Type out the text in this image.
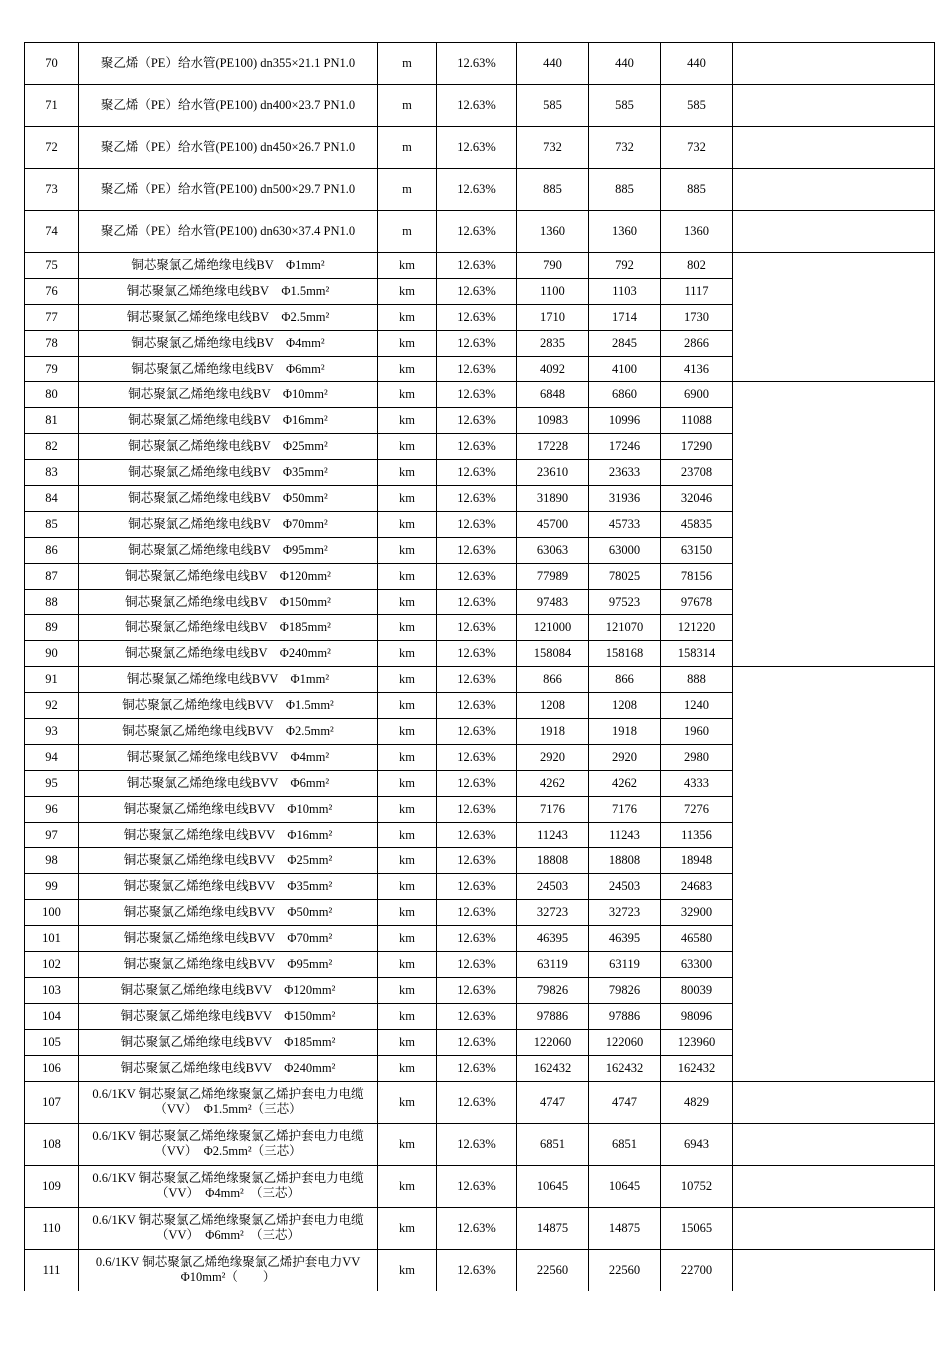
70	聚乙烯（PE）给水管(PE100) dn355×21.1 PN1.0	m	12.63%	440	440	440	
71	聚乙烯（PE）给水管(PE100) dn400×23.7 PN1.0	m	12.63%	585	585	585	
72	聚乙烯（PE）给水管(PE100) dn450×26.7 PN1.0	m	12.63%	732	732	732	
73	聚乙烯（PE）给水管(PE100) dn500×29.7 PN1.0	m	12.63%	885	885	885	
74	聚乙烯（PE）给水管(PE100) dn630×37.4 PN1.0	m	12.63%	1360	1360	1360	
75	铜芯聚氯乙烯绝缘电线BV　Φ1mm²	km	12.63%	790	792	802	
76	铜芯聚氯乙烯绝缘电线BV　Φ1.5mm²	km	12.63%	1100	1103	1117	
77	铜芯聚氯乙烯绝缘电线BV　Φ2.5mm²	km	12.63%	1710	1714	1730	
78	铜芯聚氯乙烯绝缘电线BV　Φ4mm²	km	12.63%	2835	2845	2866	
79	铜芯聚氯乙烯绝缘电线BV　Φ6mm²	km	12.63%	4092	4100	4136	
80	铜芯聚氯乙烯绝缘电线BV　Φ10mm²	km	12.63%	6848	6860	6900	
81	铜芯聚氯乙烯绝缘电线BV　Φ16mm²	km	12.63%	10983	10996	11088	
82	铜芯聚氯乙烯绝缘电线BV　Φ25mm²	km	12.63%	17228	17246	17290	
83	铜芯聚氯乙烯绝缘电线BV　Φ35mm²	km	12.63%	23610	23633	23708	
84	铜芯聚氯乙烯绝缘电线BV　Φ50mm²	km	12.63%	31890	31936	32046	
85	铜芯聚氯乙烯绝缘电线BV　Φ70mm²	km	12.63%	45700	45733	45835	
86	铜芯聚氯乙烯绝缘电线BV　Φ95mm²	km	12.63%	63063	63000	63150	
87	铜芯聚氯乙烯绝缘电线BV　Φ120mm²	km	12.63%	77989	78025	78156	
88	铜芯聚氯乙烯绝缘电线BV　Φ150mm²	km	12.63%	97483	97523	97678	
89	铜芯聚氯乙烯绝缘电线BV　Φ185mm²	km	12.63%	121000	121070	121220	
90	铜芯聚氯乙烯绝缘电线BV　Φ240mm²	km	12.63%	158084	158168	158314	
91	铜芯聚氯乙烯绝缘电线BVV　Φ1mm²	km	12.63%	866	866	888	
92	铜芯聚氯乙烯绝缘电线BVV　Φ1.5mm²	km	12.63%	1208	1208	1240	
93	铜芯聚氯乙烯绝缘电线BVV　Φ2.5mm²	km	12.63%	1918	1918	1960	
94	铜芯聚氯乙烯绝缘电线BVV　Φ4mm²	km	12.63%	2920	2920	2980	
95	铜芯聚氯乙烯绝缘电线BVV　Φ6mm²	km	12.63%	4262	4262	4333	
96	铜芯聚氯乙烯绝缘电线BVV　Φ10mm²	km	12.63%	7176	7176	7276	
97	铜芯聚氯乙烯绝缘电线BVV　Φ16mm²	km	12.63%	11243	11243	11356	
98	铜芯聚氯乙烯绝缘电线BVV　Φ25mm²	km	12.63%	18808	18808	18948	
99	铜芯聚氯乙烯绝缘电线BVV　Φ35mm²	km	12.63%	24503	24503	24683	
100	铜芯聚氯乙烯绝缘电线BVV　Φ50mm²	km	12.63%	32723	32723	32900	
101	铜芯聚氯乙烯绝缘电线BVV　Φ70mm²	km	12.63%	46395	46395	46580	
102	铜芯聚氯乙烯绝缘电线BVV　Φ95mm²	km	12.63%	63119	63119	63300	
103	铜芯聚氯乙烯绝缘电线BVV　Φ120mm²	km	12.63%	79826	79826	80039	
104	铜芯聚氯乙烯绝缘电线BVV　Φ150mm²	km	12.63%	97886	97886	98096	
105	铜芯聚氯乙烯绝缘电线BVV　Φ185mm²	km	12.63%	122060	122060	123960	
106	铜芯聚氯乙烯绝缘电线BVV　Φ240mm²	km	12.63%	162432	162432	162432	
107	0.6/1KV 铜芯聚氯乙烯绝缘聚氯乙烯护套电力电缆（VV）　Φ1.5mm²（三芯）	km	12.63%	4747	4747	4829	
108	0.6/1KV 铜芯聚氯乙烯绝缘聚氯乙烯护套电力电缆（VV）　Φ2.5mm²（三芯）	km	12.63%	6851	6851	6943	
109	0.6/1KV 铜芯聚氯乙烯绝缘聚氯乙烯护套电力电缆（VV）　Φ4mm²　（三芯）	km	12.63%	10645	10645	10752	
110	0.6/1KV 铜芯聚氯乙烯绝缘聚氯乙烯护套电力电缆（VV）　Φ6mm²　（三芯）	km	12.63%	14875	14875	15065	
111	0.6/1KV 铜芯聚氯乙烯绝缘聚氯乙烯护套电力VV　Φ10mm²（　　）	km	12.63%	22560	22560	22700	
